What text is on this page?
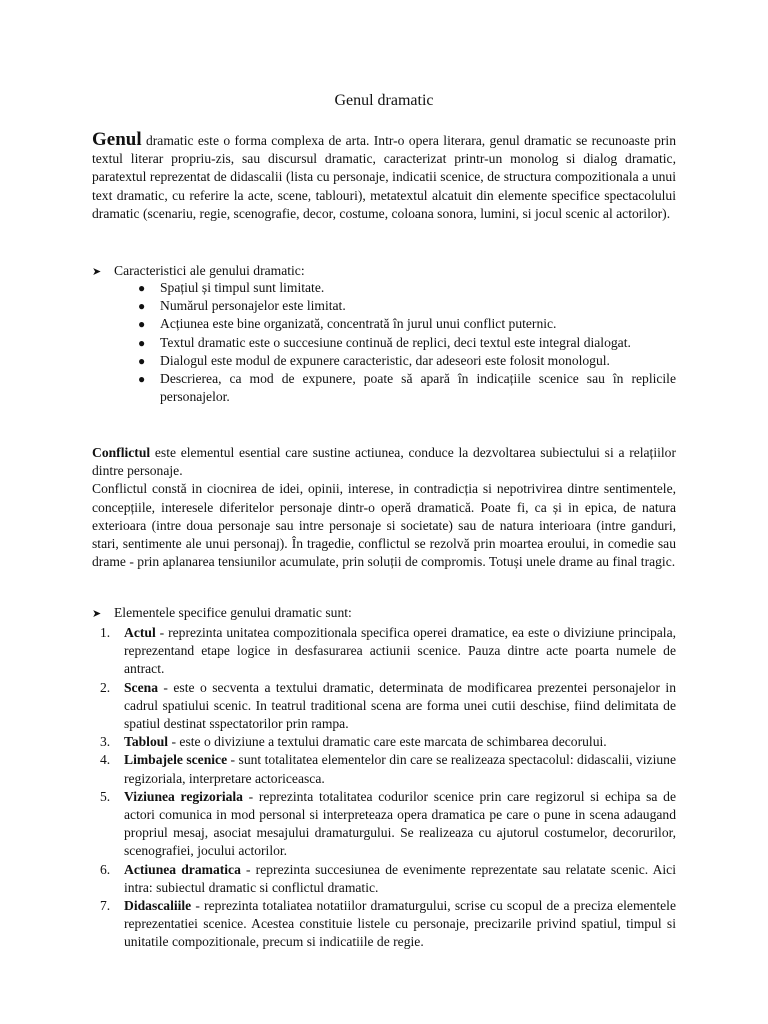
Genul dramatic

Genul dramatic este o forma complexa de arta. Intr-o opera literara, genul dramatic se recunoaste prin textul literar propriu-zis, sau discursul dramatic, caracterizat printr-un monolog si dialog dramatic, paratextul reprezentat de didascalii (lista cu personaje, indicatii scenice, de structura compozitionala a unui text dramatic, cu referire la acte, scene, tablouri), metatextul alcatuit din elemente specifice spectacolului dramatic (scenariu, regie, scenografie, decor, costume, coloana sonora, lumini, si jocul scenic al actorilor).

➤ Caracteristici ale genului dramatic:
● Spațiul și timpul sunt limitate.
● Numărul personajelor este limitat.
● Acțiunea este bine organizată, concentrată în jurul unui conflict puternic.
● Textul dramatic este o succesiune continuă de replici, deci textul este integral dialogat.
● Dialogul este modul de expunere caracteristic, dar adeseori este folosit monologul.
● Descrierea, ca mod de expunere, poate să apară în indicațiile scenice sau în replicile personajelor.
Conflictul este elementul esential care sustine actiunea, conduce la dezvoltarea subiectului si a relațiilor dintre personaje.
Conflictul constă in ciocnirea de idei, opinii, interese, in contradicția si nepotrivirea dintre sentimentele, concepțiile, interesele diferitelor personaje dintr-o operă dramatică. Poate fi, ca și in epica, de natura exterioara (intre doua personaje sau intre personaje si societate) sau de natura interioara (intre ganduri, stari, sentimente ale unui personaj). În tragedie, conflictul se rezolvă prin moartea eroului, in comedie sau drame - prin aplanarea tensiunilor acumulate, prin soluții de compromis. Totuși unele drame au final tragic.
➤ Elementele specifice genului dramatic sunt:
1. Actul - reprezinta unitatea compozitionala specifica operei dramatice, ea este o diviziune principala, reprezentand etape logice in desfasurarea actiunii scenice. Pauza dintre acte poarta numele de antract.
2. Scena - este o secventa a textului dramatic, determinata de modificarea prezentei personajelor in cadrul spatiului scenic. In teatrul traditional scena are forma unei cutii deschise, fiind delimitata de spatiul destinat sspectatorilor prin rampa.
3. Tabloul - este o diviziune a textului dramatic care este marcata de schimbarea decorului.
4. Limbajele scenice - sunt totalitatea elementelor din care se realizeaza spectacolul: didascalii, viziune regizoriala, interpretare actoriceasca.
5. Viziunea regizoriala - reprezinta totalitatea codurilor scenice prin care regizorul si echipa sa de actori comunica in mod personal si interpreteaza opera dramatica pe care o pune in scena adaugand propriul mesaj, asociat mesajului dramaturgului. Se realizeaza cu ajutorul costumelor, decorurilor, scenografiei, jocului actorilor.
6. Actiunea dramatica - reprezinta succesiunea de evenimente reprezentate sau relatate scenic. Aici intra: subiectul dramatic si conflictul dramatic.
7. Didascaliile - reprezinta totaliatea notatiilor dramaturgului, scrise cu scopul de a preciza elementele reprezentatiei scenice. Acestea constituie listele cu personaje, precizarile privind spatiul, timpul si unitatile compozitionale, precum si indicatiile de regie.
